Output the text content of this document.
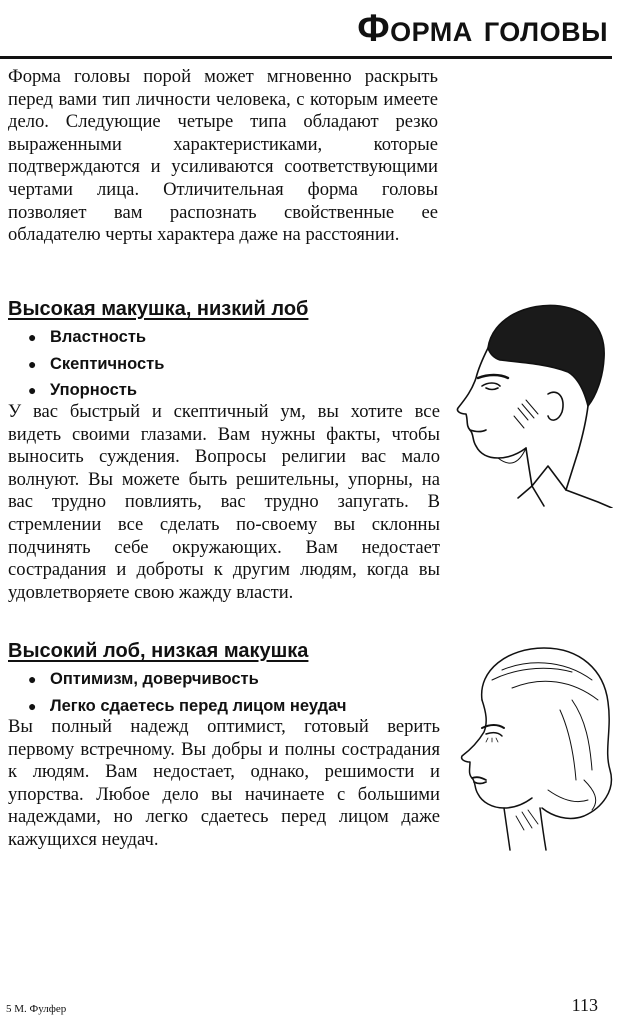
Форма головы

Форма головы порой может мгновенно раскрыть перед вами тип личности человека, с которым имеете дело. Следующие четыре типа обладают резко выраженными характеристиками, которые подтверждаются и усиливаются соответствующими чертами лица. Отличительная форма головы позволяет вам распознать свойственные ее обладателю черты характера даже на расстоянии.

Высокая макушка, низкий лоб
● Властность
● Скептичность
● Упорность

У вас быстрый и скептичный ум, вы хотите все видеть своими глазами. Вам нужны факты, чтобы выносить суждения. Вопросы религии вас мало волнуют. Вы можете быть решительны, упорны, на вас трудно повлиять, вас трудно запугать. В стремлении все сделать по-своему вы склонны подчинять себе окружающих. Вам недостает сострадания и доброты к другим людям, когда вы удовлетворяете свою жажду власти.

Высокий лоб, низкая макушка
● Оптимизм, доверчивость
● Легко сдаетесь перед лицом неудач

Вы полный надежд оптимист, готовый верить первому встречному. Вы добры и полны сострадания к людям. Вам недостает, однако, решимости и упорства. Любое дело вы начинаете с большими надеждами, но легко сдаетесь перед лицом даже кажущихся неудач.

5 М. Фулфер	113
